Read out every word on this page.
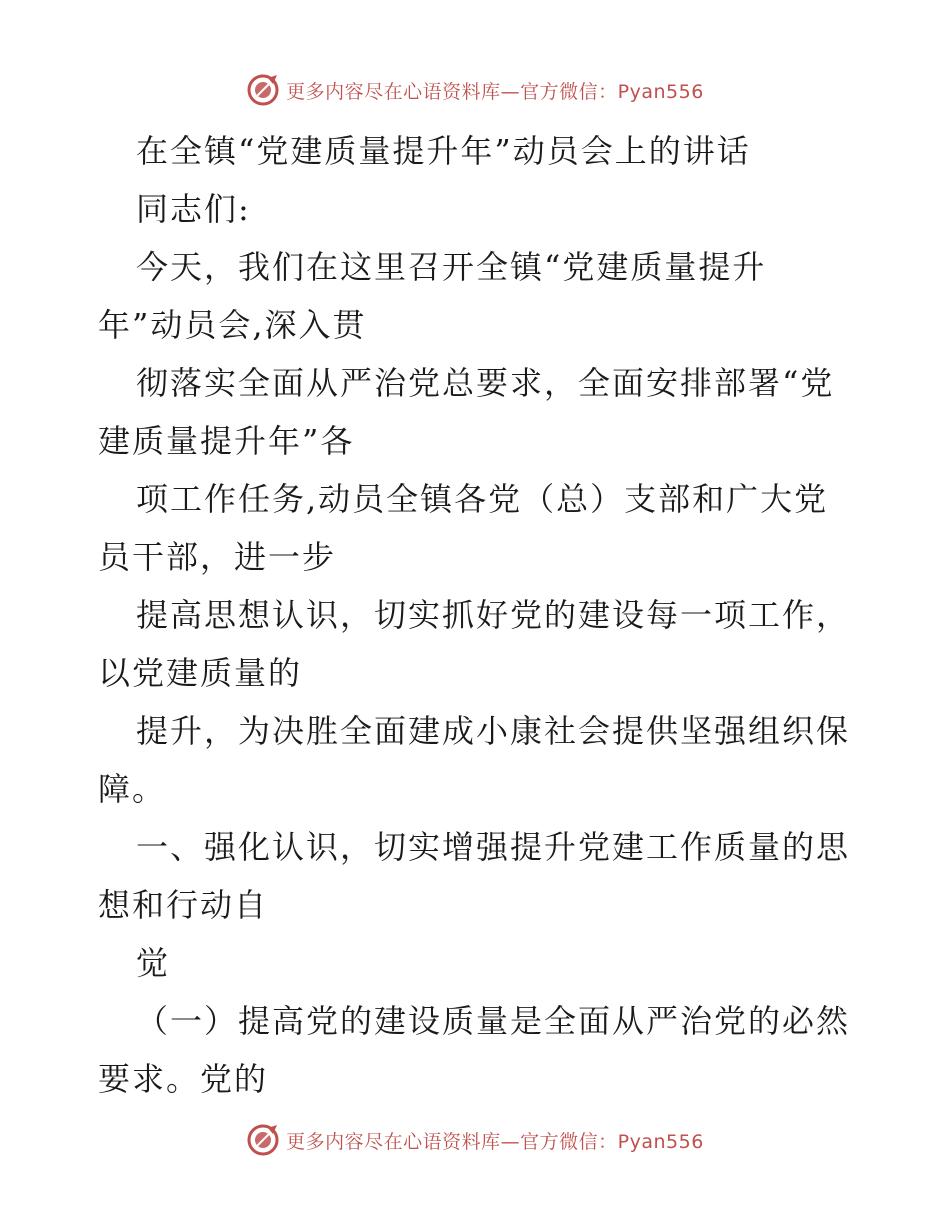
更多内容尽在心语资料库—官方微信：Pyan556
在全镇“党建质量提升年”动员会上的讲话
同志们:
今天，我们在这里召开全镇“党建质量提升
年”动员会,深入贯
彻落实全面从严治党总要求，全面安排部署“党
建质量提升年”各
项工作任务,动员全镇各党（总）支部和广大党
员干部，进一步
提高思想认识，切实抓好党的建设每一项工作，
以党建质量的
提升，为决胜全面建成小康社会提供坚强组织保
障。
一、强化认识，切实增强提升党建工作质量的思
想和行动自
觉
（一）提高党的建设质量是全面从严治党的必然
要求。党的
更多内容尽在心语资料库—官方微信：Pyan556
